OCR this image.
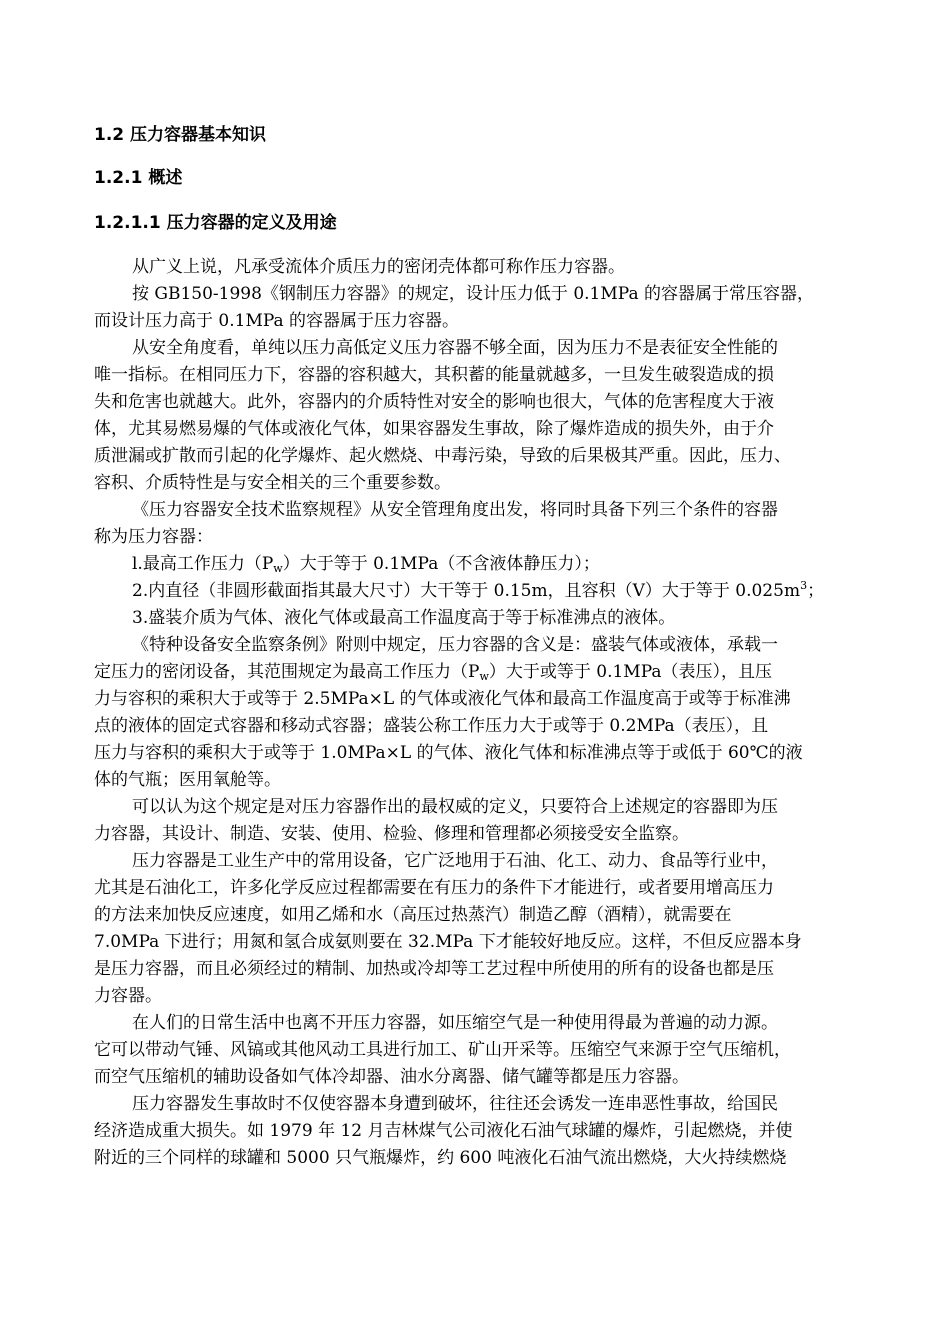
1.2 压力容器基本知识

1.2.1 概述

1.2.1.1 压力容器的定义及用途

从广义上说，凡承受流体介质压力的密闭壳体都可称作压力容器。

按 GB150-1998《钢制压力容器》的规定，设计压力低于 0.1MPa 的容器属于常压容器，

而设计压力高于 0.1MPa 的容器属于压力容器。

从安全角度看，单纯以压力高低定义压力容器不够全面，因为压力不是表征安全性能的

唯一指标。在相同压力下，容器的容积越大，其积蓄的能量就越多，一旦发生破裂造成的损

失和危害也就越大。此外，容器内的介质特性对安全的影响也很大，气体的危害程度大于液

体，尤其易燃易爆的气体或液化气体，如果容器发生事故，除了爆炸造成的损失外，由于介

质泄漏或扩散而引起的化学爆炸、起火燃烧、中毒污染，导致的后果极其严重。因此，压力、

容积、介质特性是与安全相关的三个重要参数。

《压力容器安全技术监察规程》从安全管理角度出发，将同时具备下列三个条件的容器

称为压力容器：

l.最高工作压力$(P_w)$大于等于 0.1MPa（不含液体静压力）；

2.内直径（非圆形截面指其最大尺寸）大干等于 0.15m，且容积（V）大于等于 $0.025m^3$；

3.盛装介质为气体、液化气体或最高工作温度高于等于标准沸点的液体。

《特种设备安全监察条例》附则中规定，压力容器的含义是：盛装气体或液体，承载一

定压力的密闭设备，其范围规定为最高工作压力$(P_w)$大于或等于 0.1MPa（表压），且压

力与容积的乘积大于或等于 2.5MPa×L 的气体或液化气体和最高工作温度高于或等于标准沸

点的液体的固定式容器和移动式容器；盛装公称工作压力大于或等于 0.2MPa（表压），且

压力与容积的乘积大于或等于 1.0MPa×L 的气体、液化气体和标准沸点等于或低于 60℃的液

体的气瓶；医用氧舱等。

可以认为这个规定是对压力容器作出的最权威的定义，只要符合上述规定的容器即为压

力容器，其设计、制造、安装、使用、检验、修理和管理都必须接受安全监察。

压力容器是工业生产中的常用设备，它广泛地用于石油、化工、动力、食品等行业中，

尤其是石油化工，许多化学反应过程都需要在有压力的条件下才能进行，或者要用增高压力

的方法来加快反应速度，如用乙烯和水（高压过热蒸汽）制造乙醇（酒精），就需要在

7.0MPa 下进行；用氮和氢合成氨则要在 32.MPa 下才能较好地反应。这样，不但反应器本身

是压力容器，而且必须经过的精制、加热或冷却等工艺过程中所使用的所有的设备也都是压

力容器。

在人们的日常生活中也离不开压力容器，如压缩空气是一种使用得最为普遍的动力源。

它可以带动气锤、风镐或其他风动工具进行加工、矿山开采等。压缩空气来源于空气压缩机，

而空气压缩机的辅助设备如气体冷却器、油水分离器、储气罐等都是压力容器。

压力容器发生事故时不仅使容器本身遭到破坏，往往还会诱发一连串恶性事故，给国民

经济造成重大损失。如 1979 年 12 月吉林煤气公司液化石油气球罐的爆炸，引起燃烧，并使

附近的三个同样的球罐和 5000 只气瓶爆炸，约 600 吨液化石油气流出燃烧，大火持续燃烧
